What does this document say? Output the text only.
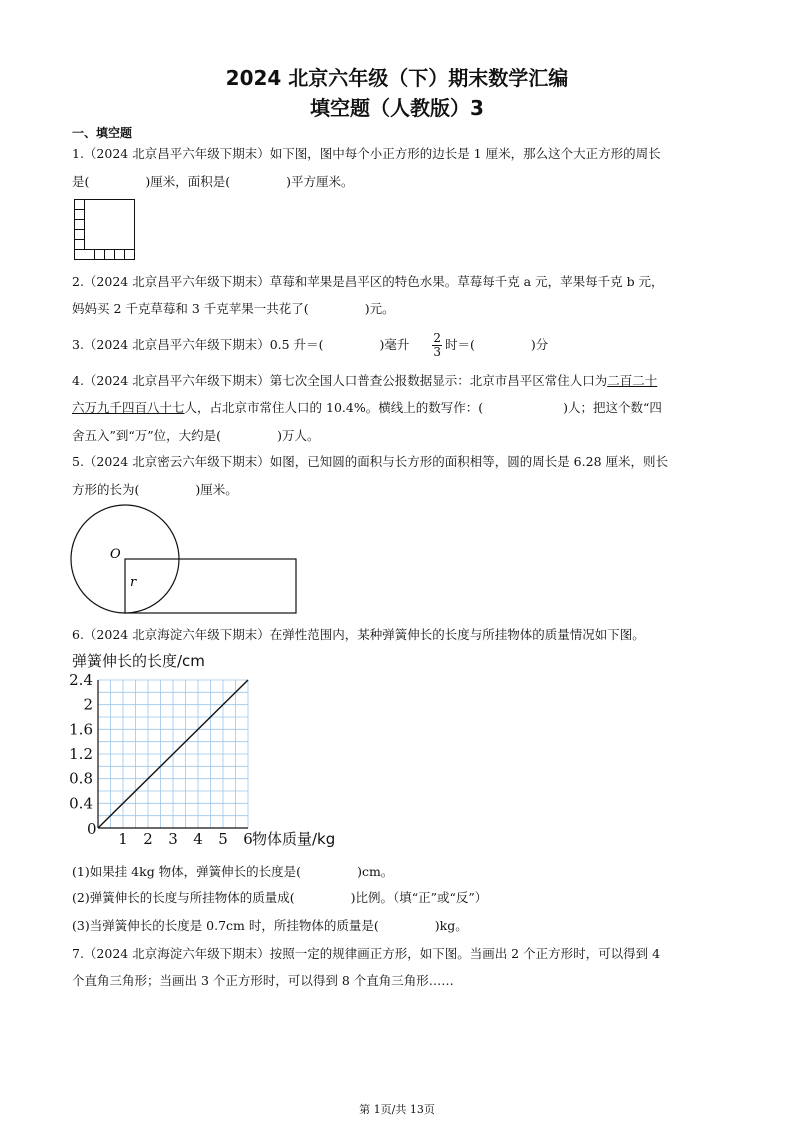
2024 北京六年级（下）期末数学汇编
填空题（人教版）3
一、填空题
1.（2024 北京昌平六年级下期末）如下图，图中每个小正方形的边长是 1 厘米，那么这个大正方形的周长
是(	)厘米，面积是(	)平方厘米。
2.（2024 北京昌平六年级下期末）草莓和苹果是昌平区的特色水果。草莓每千克 a 元，苹果每千克 b 元，
妈妈买 2 千克草莓和 3 千克苹果一共花了(	)元。
3.（2024 北京昌平六年级下期末）0.5 升＝(	)毫升 $\frac{2}{3}$ 时＝(	)分
4.（2024 北京昌平六年级下期末）第七次全国人口普查公报数据显示：北京市昌平区常住人口为二百二十
六万九千四百八十七人，占北京市常住人口的 10.4%。横线上的数写作：(	)人；把这个数“四
舍五入”到“万”位，大约是(	)万人。
5.（2024 北京密云六年级下期末）如图，已知圆的面积与长方形的面积相等，圆的周长是 6.28 厘米，则长
方形的长为(	)厘米。
O
r
6.（2024 北京海淀六年级下期末）在弹性范围内，某种弹簧伸长的长度与所挂物体的质量情况如下图。
1 2 3 4 5 6
0.4
0.8
1.2
1.6
2
2.4
弹簧伸长的长度/cm
物体质量/kg
0
(1)如果挂 4kg 物体，弹簧伸长的长度是(	)cm。
(2)弹簧伸长的长度与所挂物体的质量成(	)比例。（填“正”或“反”）
(3)当弹簧伸长的长度是 0.7cm 时，所挂物体的质量是(	)kg。
7.（2024 北京海淀六年级下期末）按照一定的规律画正方形，如下图。当画出 2 个正方形时，可以得到 4
个直角三角形；当画出 3 个正方形时，可以得到 8 个直角三角形……
第 1页/共 13页
